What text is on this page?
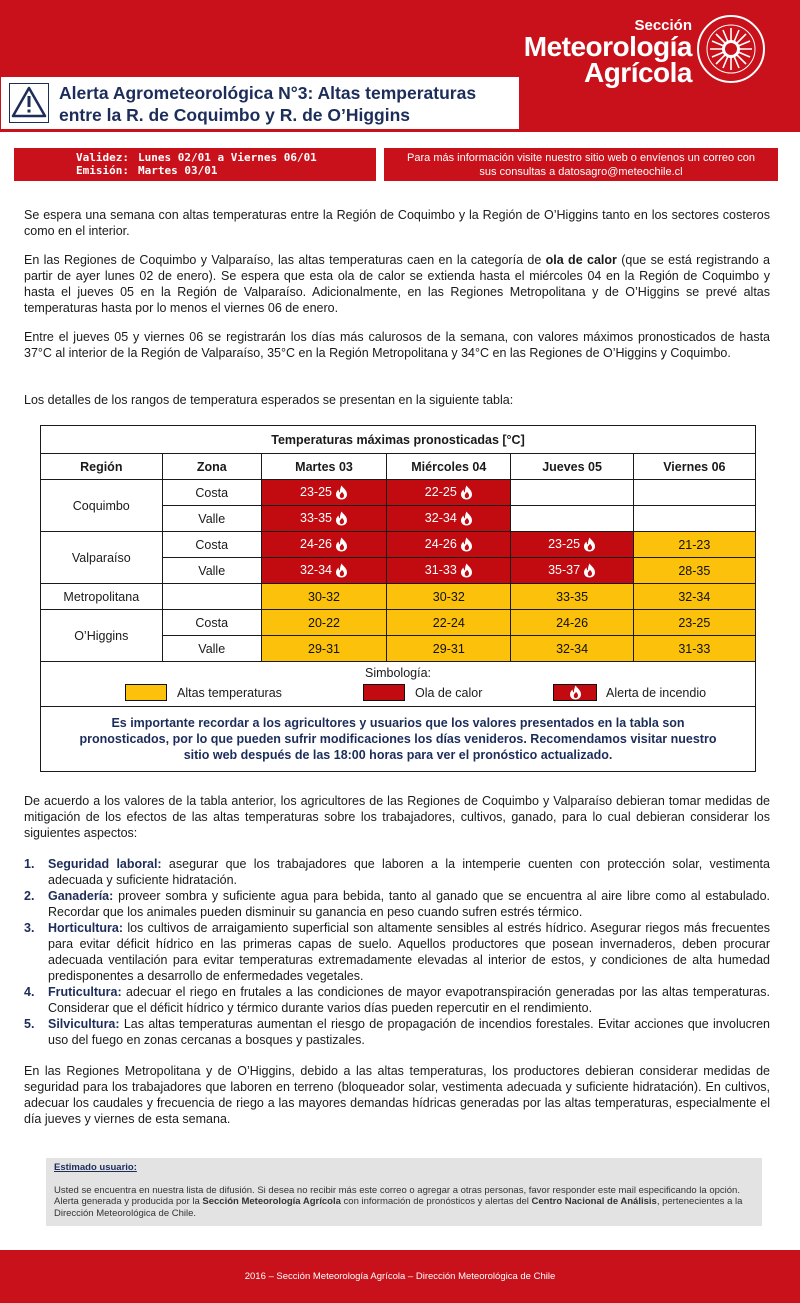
Sección
Meteorología
Agrícola
Alerta Agrometeorológica N°3: Altas temperaturas
entre la R. de Coquimbo y R. de O’Higgins
Validez: Lunes 02/01 a Viernes 06/01
Emisión: Martes 03/01
Para más información visite nuestro sitio web o envíenos un correo con
sus consultas a datosagro@meteochile.cl

Se espera una semana con altas temperaturas entre la Región de Coquimbo y la Región de O’Higgins tanto en los sectores costeros como en el interior.

En las Regiones de Coquimbo y Valparaíso, las altas temperaturas caen en la categoría de ola de calor (que se está registrando a partir de ayer lunes 02 de enero). Se espera que esta ola de calor se extienda hasta el miércoles 04 en la Región de Coquimbo y hasta el jueves 05 en la Región de Valparaíso. Adicionalmente, en las Regiones Metropolitana y de O’Higgins se prevé altas temperaturas hasta por lo menos el viernes 06 de enero.

Entre el jueves 05 y viernes 06 se registrarán los días más calurosos de la semana, con valores máximos pronosticados de hasta 37°C al interior de la Región de Valparaíso, 35°C en la Región Metropolitana y 34°C en las Regiones de O’Higgins y Coquimbo.

Los detalles de los rangos de temperatura esperados se presentan en la siguiente tabla:

Temperaturas máximas pronosticadas [°C]					
Región	Zona	Martes 03	Miércoles 04	Jueves 05	Viernes 06
Coquimbo	Costa	23-25	22-25		
	Valle	33-35	32-34		
Valparaíso	Costa	24-26	24-26	23-25	21-23
	Valle	32-34	31-33	35-37	28-35
Metropolitana		30-32	30-32	33-35	32-34
O’Higgins	Costa	20-22	22-24	24-26	23-25
	Valle	29-31	29-31	32-34	31-33

Simbología:
Altas temperaturas Ola de calor Alerta de incendio					

Es importante recordar a los agricultores y usuarios que los valores presentados en la tabla son pronosticados, por lo que pueden sufrir modificaciones los días venideros. Recomendamos visitar nuestro sitio web después de las 18:00 horas para ver el pronóstico actualizado.					

De acuerdo a los valores de la tabla anterior, los agricultores de las Regiones de Coquimbo y Valparaíso debieran tomar medidas de mitigación de los efectos de las altas temperaturas sobre los trabajadores, cultivos, ganado, para lo cual debieran considerar los siguientes aspectos:

1. Seguridad laboral: asegurar que los trabajadores que laboren a la intemperie cuenten con protección solar, vestimenta adecuada y suficiente hidratación.
2. Ganadería: proveer sombra y suficiente agua para bebida, tanto al ganado que se encuentra al aire libre como al estabulado. Recordar que los animales pueden disminuir su ganancia en peso cuando sufren estrés térmico.
3. Horticultura: los cultivos de arraigamiento superficial son altamente sensibles al estrés hídrico. Asegurar riegos más frecuentes para evitar déficit hídrico en las primeras capas de suelo. Aquellos productores que posean invernaderos, deben procurar adecuada ventilación para evitar temperaturas extremadamente elevadas al interior de estos, y condiciones de alta humedad predisponentes a desarrollo de enfermedades vegetales.
4. Fruticultura: adecuar el riego en frutales a las condiciones de mayor evapotranspiración generadas por las altas temperaturas. Considerar que el déficit hídrico y térmico durante varios días pueden repercutir en el rendimiento.
5. Silvicultura: Las altas temperaturas aumentan el riesgo de propagación de incendios forestales. Evitar acciones que involucren uso del fuego en zonas cercanas a bosques y pastizales.

En las Regiones Metropolitana y de O’Higgins, debido a las altas temperaturas, los productores debieran considerar medidas de seguridad para los trabajadores que laboren en terreno (bloqueador solar, vestimenta adecuada y suficiente hidratación). En cultivos, adecuar los caudales y frecuencia de riego a las mayores demandas hídricas generadas por las altas temperaturas, especialmente el día jueves y viernes de esta semana.

Estimado usuario:
Usted se encuentra en nuestra lista de difusión. Si desea no recibir más este correo o agregar a otras personas, favor responder este mail especificando la opción. Alerta generada y producida por la Sección Meteorología Agrícola con información de pronósticos y alertas del Centro Nacional de Análisis, pertenecientes a la Dirección Meteorológica de Chile.
2016 – Sección Meteorología Agrícola – Dirección Meteorológica de Chile
